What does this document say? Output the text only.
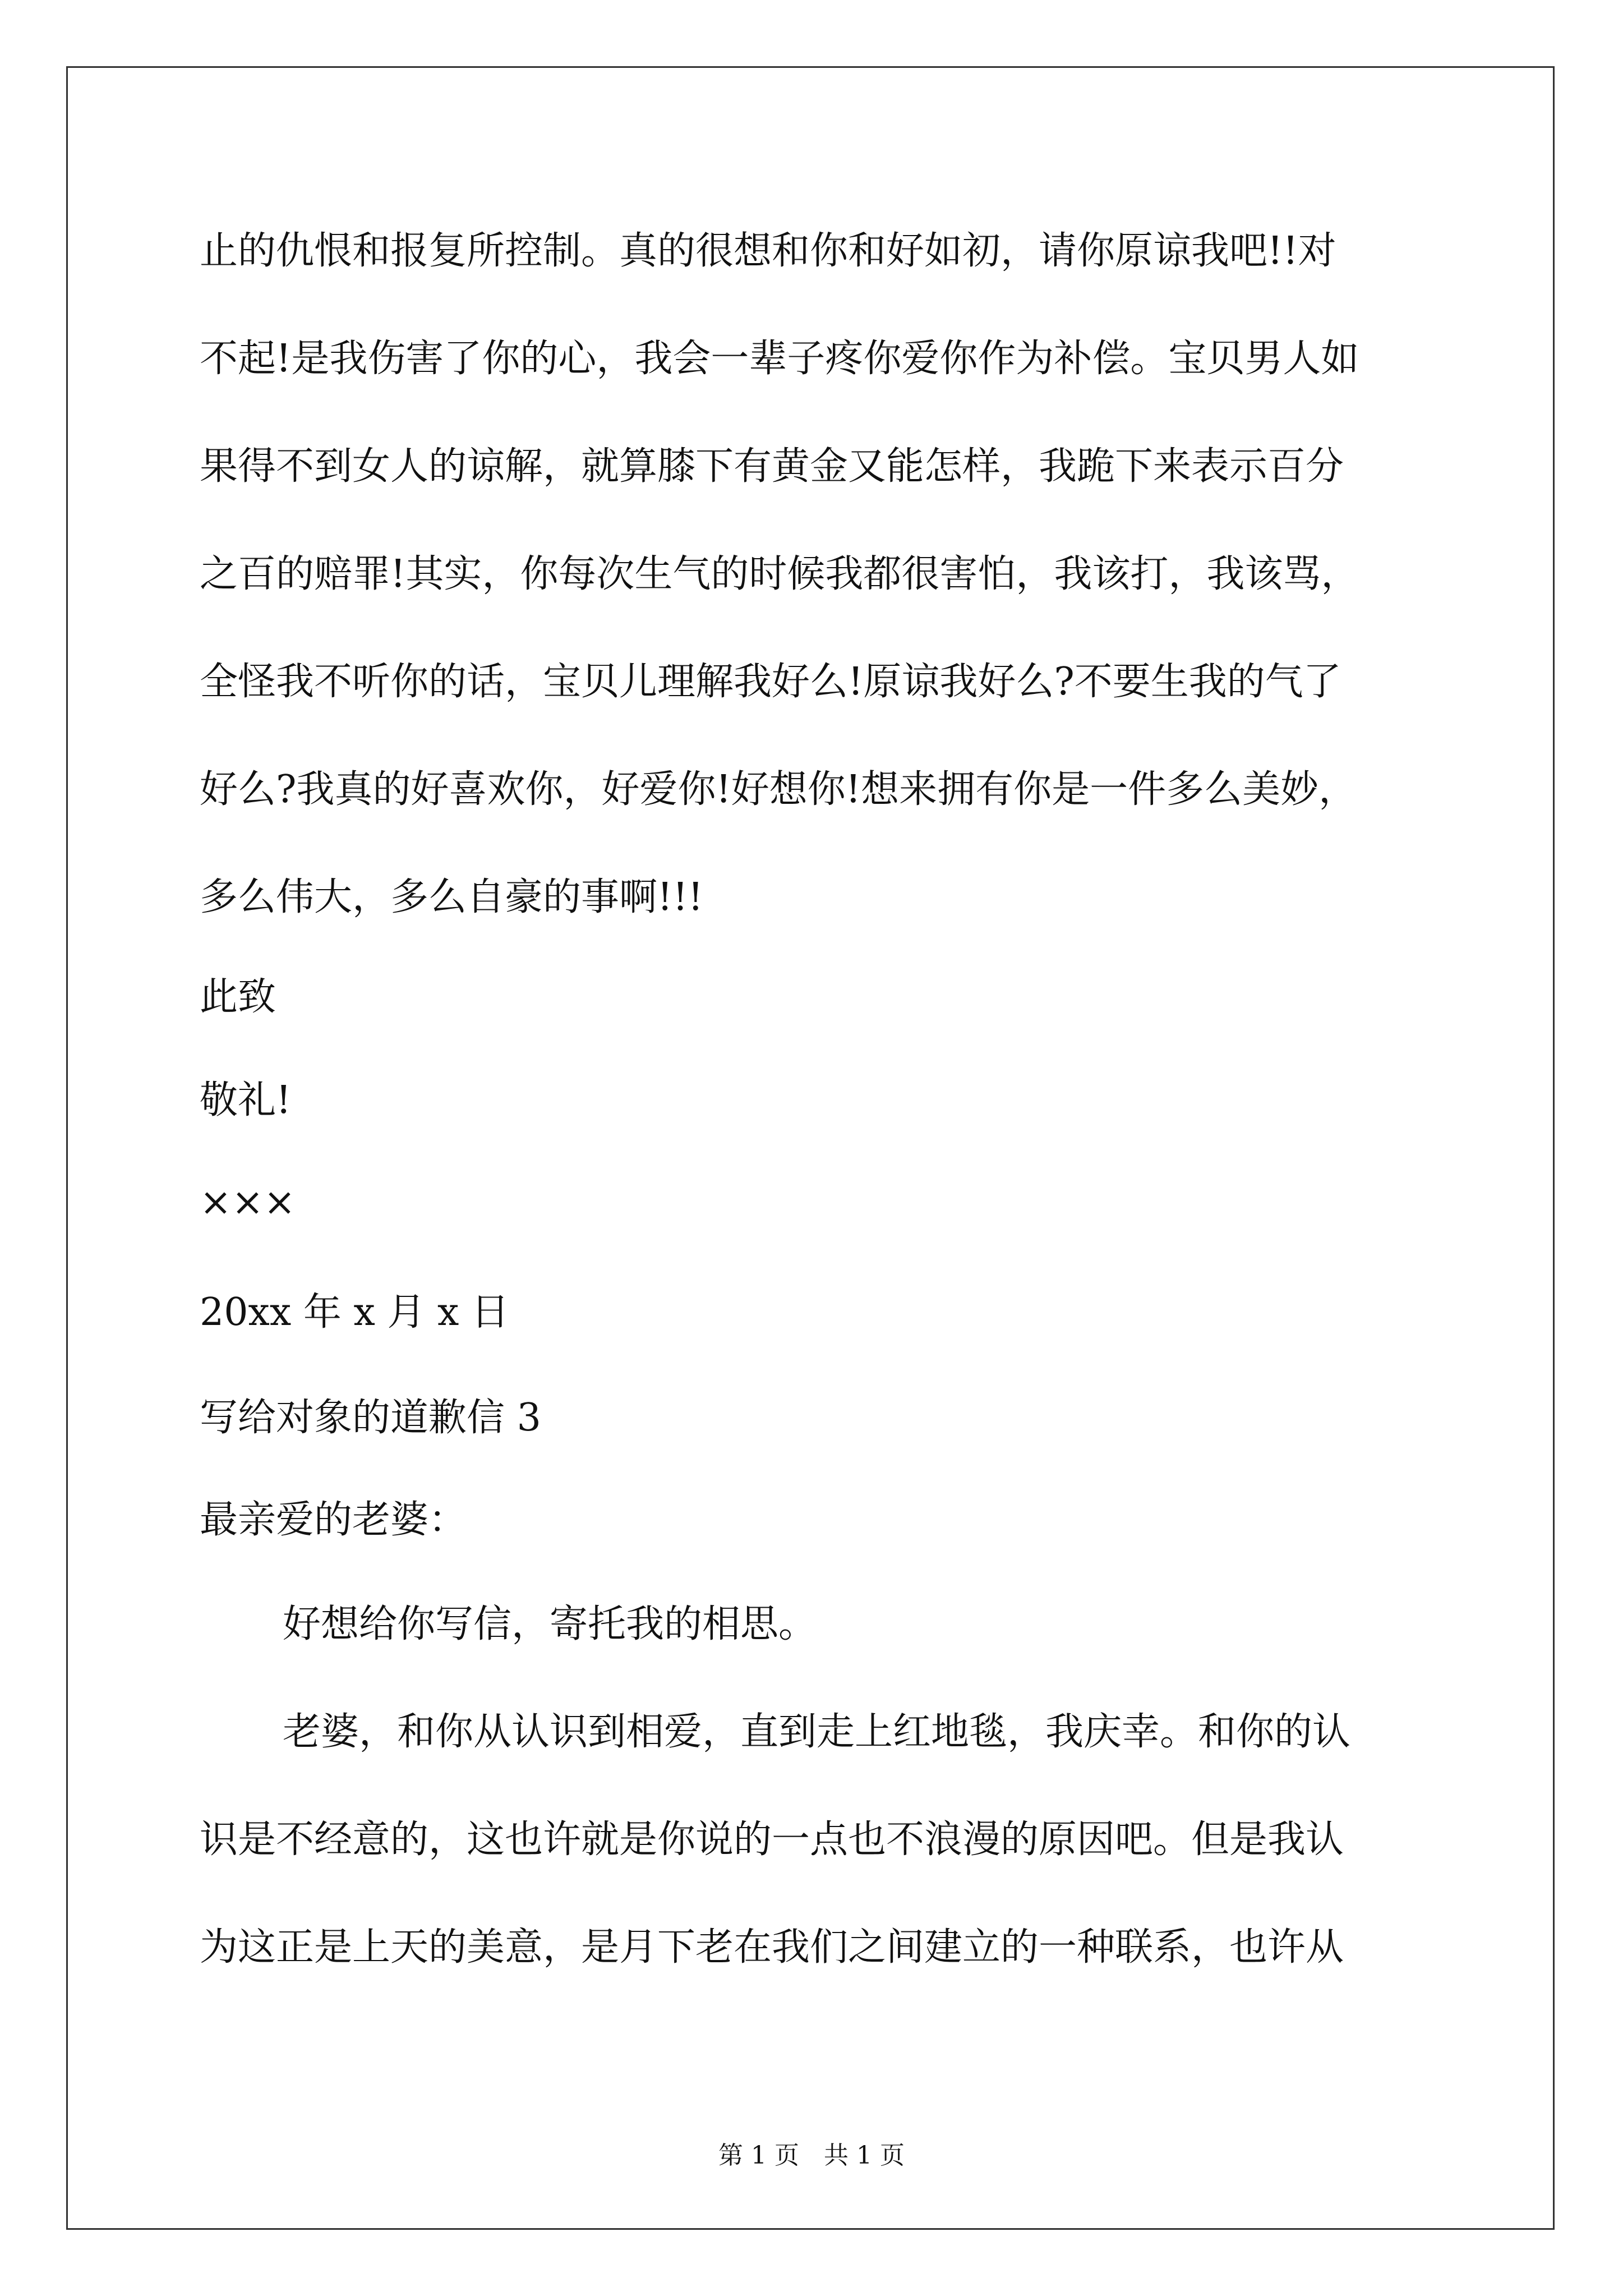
止的仇恨和报复所控制。真的很想和你和好如初，请你原谅我吧!!对
不起!是我伤害了你的心，我会一辈子疼你爱你作为补偿。宝贝男人如
果得不到女人的谅解，就算膝下有黄金又能怎样，我跪下来表示百分
之百的赔罪!其实，你每次生气的时候我都很害怕，我该打，我该骂，
全怪我不听你的话，宝贝儿理解我好么!原谅我好么?不要生我的气了
好么?我真的好喜欢你，好爱你!好想你!想来拥有你是一件多么美妙，
多么伟大，多么自豪的事啊!!!
此致
敬礼!
×××
20xx 年 x 月 x 日
写给对象的道歉信 3
最亲爱的老婆：
好想给你写信，寄托我的相思。
老婆，和你从认识到相爱，直到走上红地毯，我庆幸。和你的认
识是不经意的，这也许就是你说的一点也不浪漫的原因吧。但是我认
为这正是上天的美意，是月下老在我们之间建立的一种联系，也许从
第 1 页　共 1 页
